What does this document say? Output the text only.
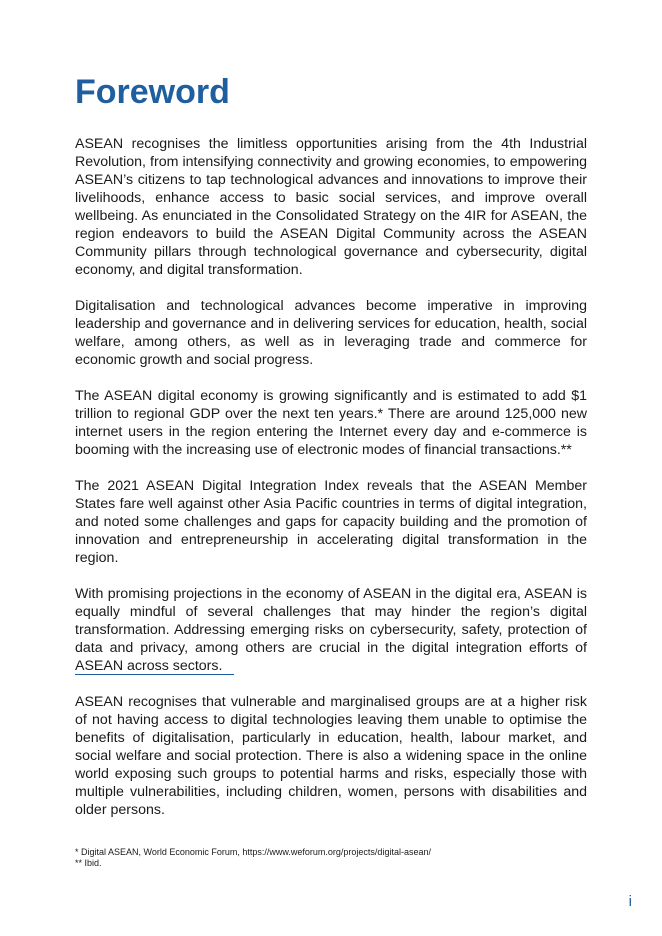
Foreword

ASEAN recognises the limitless opportunities arising from the 4th Industrial Revolution, from intensifying connectivity and growing economies, to empowering ASEAN’s citizens to tap technological advances and innovations to improve their livelihoods, enhance access to basic social services, and improve overall wellbeing. As enunciated in the Consolidated Strategy on the 4IR for ASEAN, the region endeavors to build the ASEAN Digital Community across the ASEAN Community pillars through technological governance and cybersecurity, digital economy, and digital transformation.

Digitalisation and technological advances become imperative in improving leadership and governance and in delivering services for education, health, social welfare, among others, as well as in leveraging trade and commerce for economic growth and social progress.

The ASEAN digital economy is growing significantly and is estimated to add $1 trillion to regional GDP over the next ten years.* There are around 125,000 new internet users in the region entering the Internet every day and e-commerce is booming with the increasing use of electronic modes of financial transactions.**

The 2021 ASEAN Digital Integration Index reveals that the ASEAN Member States fare well against other Asia Pacific countries in terms of digital integration, and noted some challenges and gaps for capacity building and the promotion of innovation and entrepreneurship in accelerating digital transformation in the region.

With promising projections in the economy of ASEAN in the digital era, ASEAN is equally mindful of several challenges that may hinder the region’s digital transformation. Addressing emerging risks on cybersecurity, safety, protection of data and privacy, among others are crucial in the digital integration efforts of ASEAN across sectors.

ASEAN recognises that vulnerable and marginalised groups are at a higher risk of not having access to digital technologies leaving them unable to optimise the benefits of digitalisation, particularly in education, health, labour market, and social welfare and social protection. There is also a widening space in the online world exposing such groups to potential harms and risks, especially those with multiple vulnerabilities, including children, women, persons with disabilities and older persons.

* Digital ASEAN, World Economic Forum, https://www.weforum.org/projects/digital-asean/

** Ibid.

i
